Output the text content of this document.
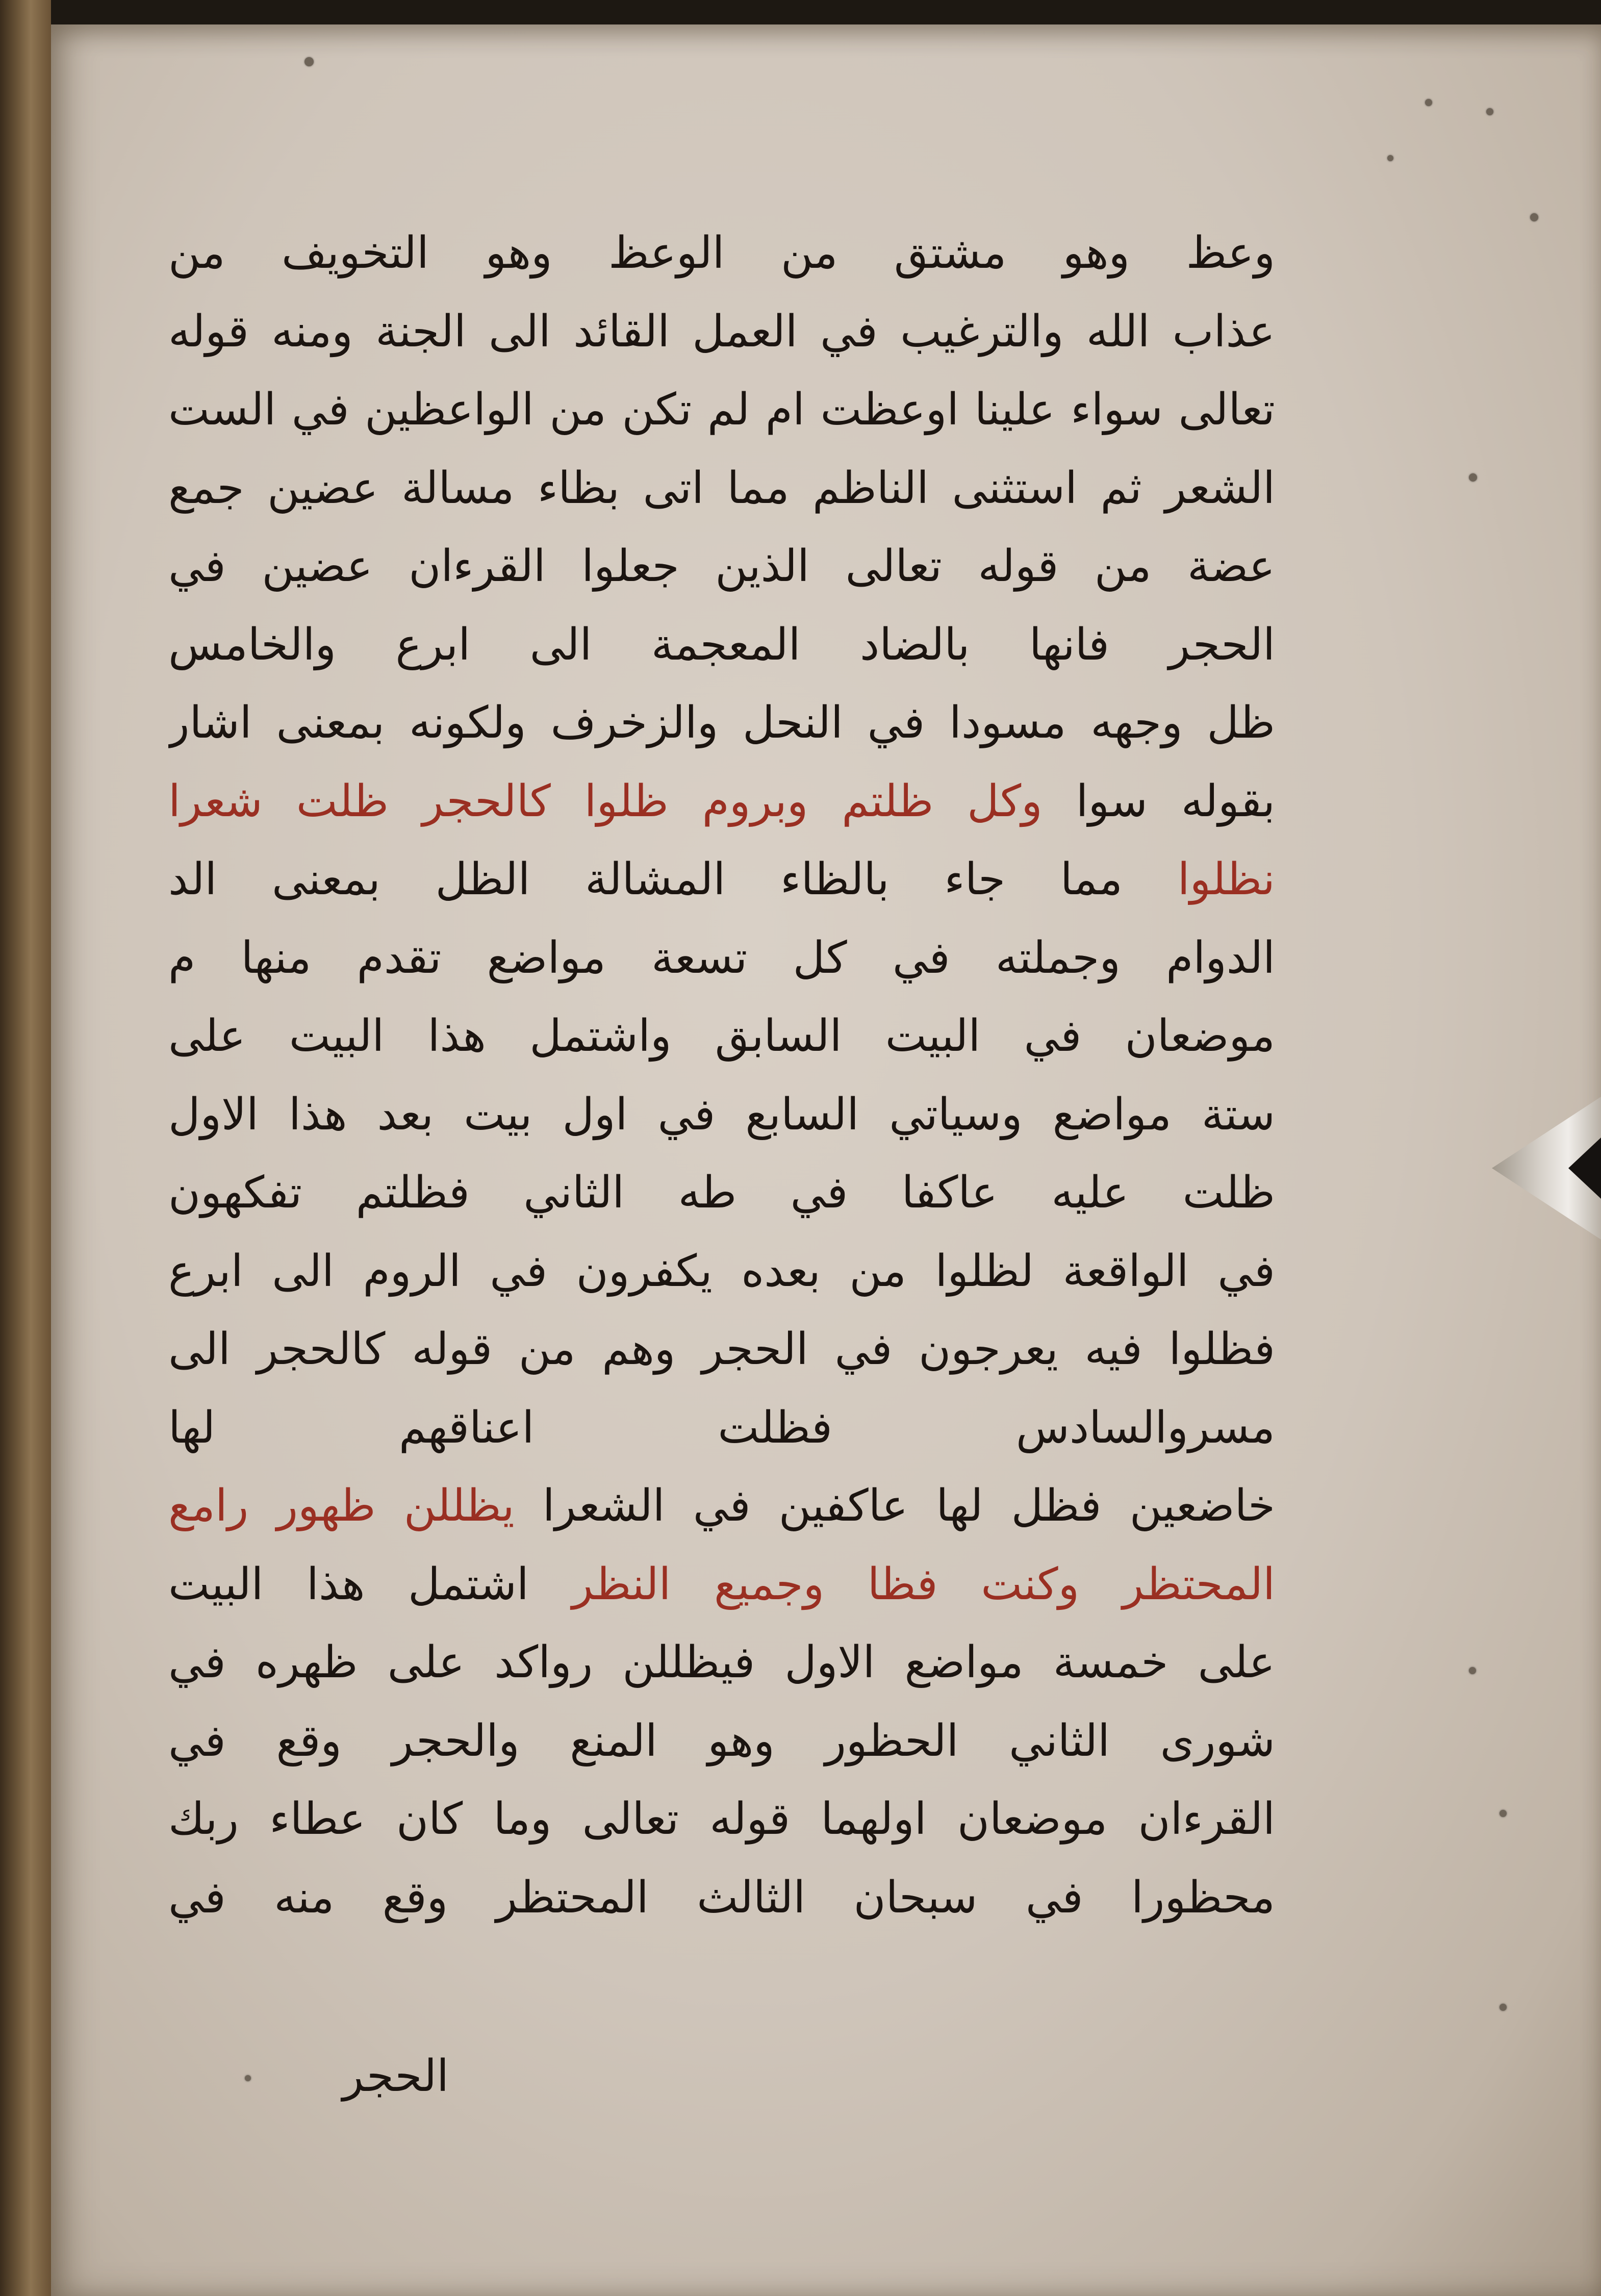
وعظ وهو مشتق من الوعظ وهو التخويف من
عذاب الله والترغيب في العمل القائد الى الجنة ومنه قوله
تعالى سواء علينا اوعظت ام لم تكن من الواعظين في الست
الشعر ثم استثنى الناظم مما اتى بظاء مسالة عضين جمع
عضة من قوله تعالى الذين جعلوا القرءان عضين في
الحجر فانها بالضاد المعجمة الى ابرع والخامس
ظل وجهه مسودا في النحل والزخرف ولكونه بمعنى اشار
بقوله سوا وكل ظلتم وبروم ظلوا كالحجر ظلت شعرا
نظلوا مما جاء بالظاء المشالة الظل بمعنى الد
الدوام وجملته في كل تسعة مواضع تقدم منها م
موضعان في البيت السابق واشتمل هذا البيت على
ستة مواضع وسياتي السابع في اول بيت بعد هذا الاول
ظلت عليه عاكفا في طه الثاني فظلتم تفكهون
في الواقعة لظلوا من بعده يكفرون في الروم الى ابرع
فظلوا فيه يعرجون في الحجر وهم من قوله كالحجر الى
مسروالسادس فظلت اعناقهم لها
خاضعين فظل لها عاكفين في الشعرا يظللن ظهور رامع
المحتظر وكنت فظا وجميع النظر اشتمل هذا البيت
على خمسة مواضع الاول فيظللن رواكد على ظهره في
شورى الثاني الحظور وهو المنع والحجر وقع في
القرءان موضعان اولهما قوله تعالى وما كان عطاء ربك
محظورا في سبحان الثالث المحتظر وقع منه في
الحجر
